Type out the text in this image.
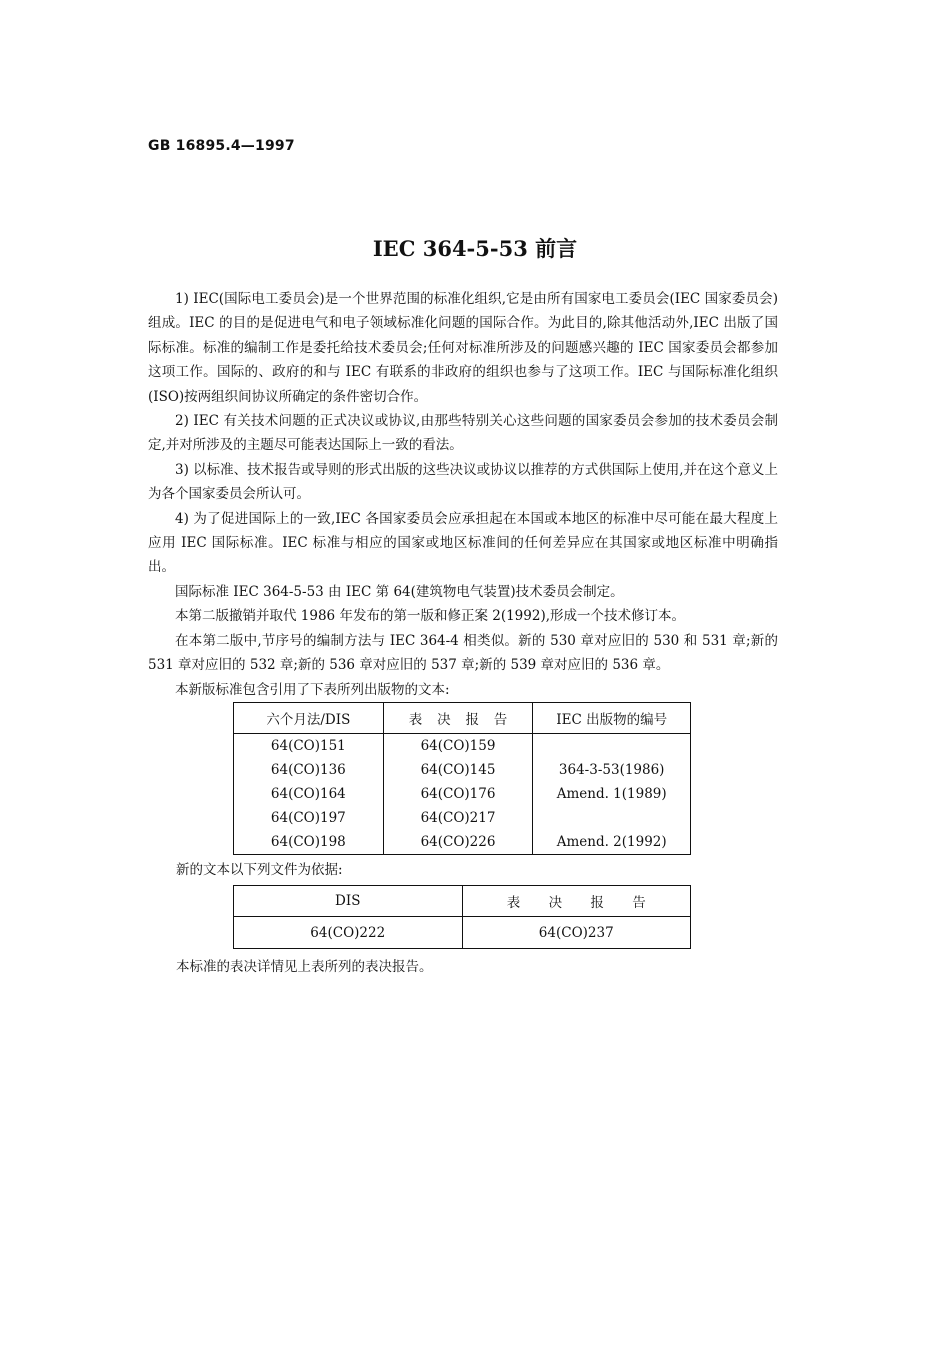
GB 16895.4—1997
IEC 364-5-53 前言

1) IEC(国际电工委员会)是一个世界范围的标准化组织,它是由所有国家电工委员会(IEC 国家委员会)组成。IEC 的目的是促进电气和电子领域标准化问题的国际合作。为此目的,除其他活动外,IEC 出版了国际标准。标准的编制工作是委托给技术委员会;任何对标准所涉及的问题感兴趣的 IEC 国家委员会都参加这项工作。国际的、政府的和与 IEC 有联系的非政府的组织也参与了这项工作。IEC 与国际标准化组织(ISO)按两组织间协议所确定的条件密切合作。

2) IEC 有关技术问题的正式决议或协议,由那些特别关心这些问题的国家委员会参加的技术委员会制定,并对所涉及的主题尽可能表达国际上一致的看法。

3) 以标准、技术报告或导则的形式出版的这些决议或协议以推荐的方式供国际上使用,并在这个意义上为各个国家委员会所认可。

4) 为了促进国际上的一致,IEC 各国家委员会应承担起在本国或本地区的标准中尽可能在最大程度上应用 IEC 国际标准。IEC 标准与相应的国家或地区标准间的任何差异应在其国家或地区标准中明确指出。

国际标准 IEC 364-5-53 由 IEC 第 64(建筑物电气装置)技术委员会制定。

本第二版撤销并取代 1986 年发布的第一版和修正案 2(1992),形成一个技术修订本。

在本第二版中,节序号的编制方法与 IEC 364-4 相类似。新的 530 章对应旧的 530 和 531 章;新的 531 章对应旧的 532 章;新的 536 章对应旧的 537 章;新的 539 章对应旧的 536 章。

本新版标准包含引用了下表所列出版物的文本:

六个月法/DIS	表决报告	IEC 出版物的编号
64(CO)151	64(CO)159	
64(CO)136	64(CO)145	364-3-53(1986)
64(CO)164	64(CO)176	Amend. 1(1989)
64(CO)197	64(CO)217	
64(CO)198	64(CO)226	Amend. 2(1992)
新的文本以下列文件为依据:
DIS	表决报告
64(CO)222	64(CO)237
本标准的表决详情见上表所列的表决报告。
